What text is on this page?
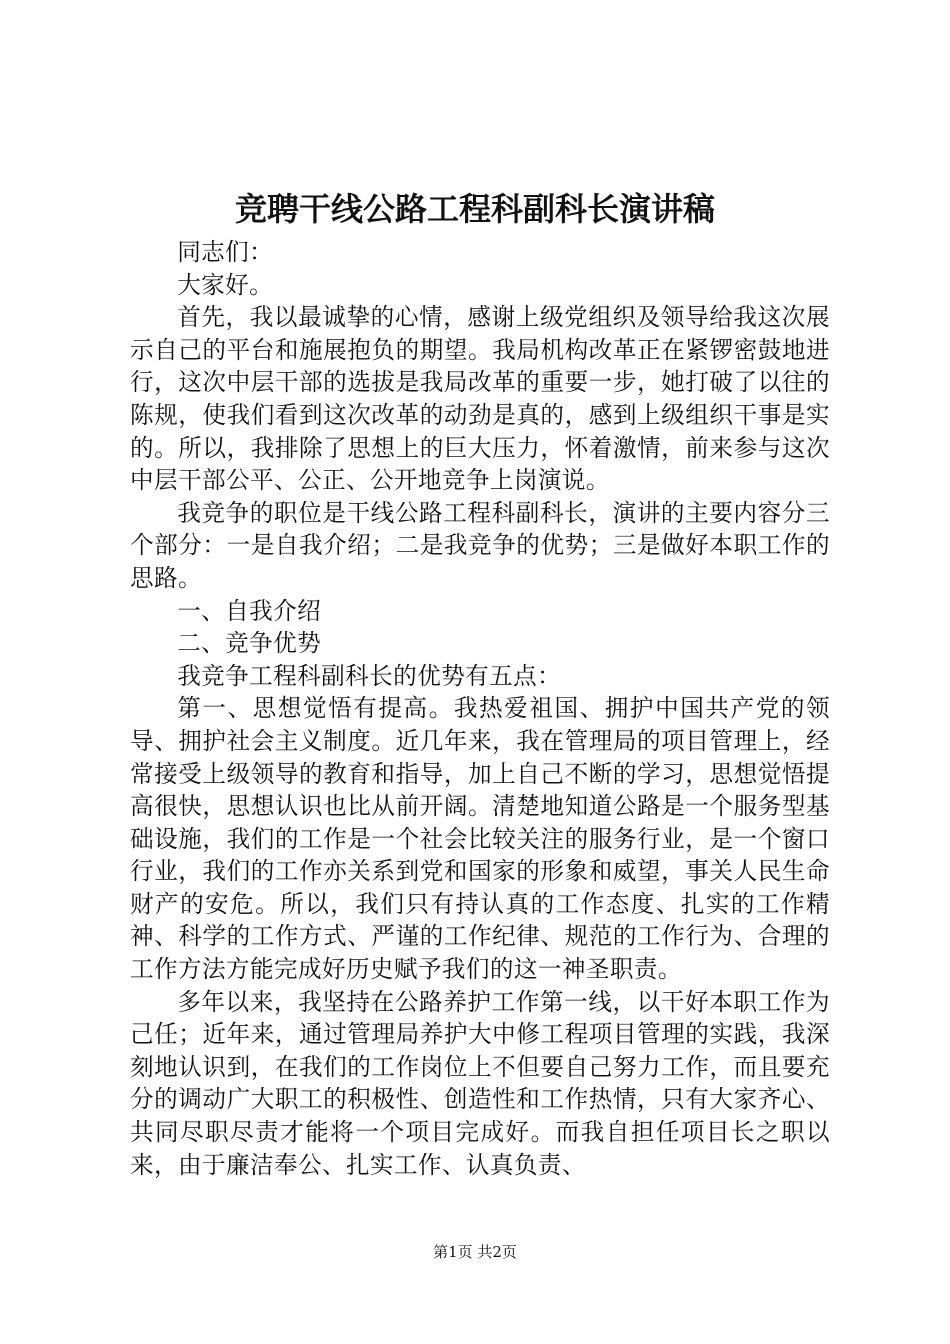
竞聘干线公路工程科副科长演讲稿

同志们：

大家好。

首先，我以最诚挚的心情，感谢上级党组织及领导给我这次展示自己的平台和施展抱负的期望。我局机构改革正在紧锣密鼓地进行，这次中层干部的选拔是我局改革的重要一步，她打破了以往的陈规，使我们看到这次改革的动劲是真的，感到上级组织干事是实的。所以，我排除了思想上的巨大压力，怀着激情，前来参与这次中层干部公平、公正、公开地竞争上岗演说。

我竞争的职位是干线公路工程科副科长，演讲的主要内容分三个部分：一是自我介绍；二是我竞争的优势；三是做好本职工作的思路。

一、自我介绍

二、竞争优势

我竞争工程科副科长的优势有五点：

第一、思想觉悟有提高。我热爱祖国、拥护中国共产党的领导、拥护社会主义制度。近几年来，我在管理局的项目管理上，经常接受上级领导的教育和指导，加上自己不断的学习，思想觉悟提高很快，思想认识也比从前开阔。清楚地知道公路是一个服务型基础设施，我们的工作是一个社会比较关注的服务行业，是一个窗口行业，我们的工作亦关系到党和国家的形象和威望，事关人民生命财产的安危。所以，我们只有持认真的工作态度、扎实的工作精神、科学的工作方式、严谨的工作纪律、规范的工作行为、合理的工作方法方能完成好历史赋予我们的这一神圣职责。

多年以来，我坚持在公路养护工作第一线，以干好本职工作为己任；近年来，通过管理局养护大中修工程项目管理的实践，我深刻地认识到，在我们的工作岗位上不但要自己努力工作，而且要充分的调动广大职工的积极性、创造性和工作热情，只有大家齐心、共同尽职尽责才能将一个项目完成好。而我自担任项目长之职以来，由于廉洁奉公、扎实工作、认真负责、

第1页 共2页
